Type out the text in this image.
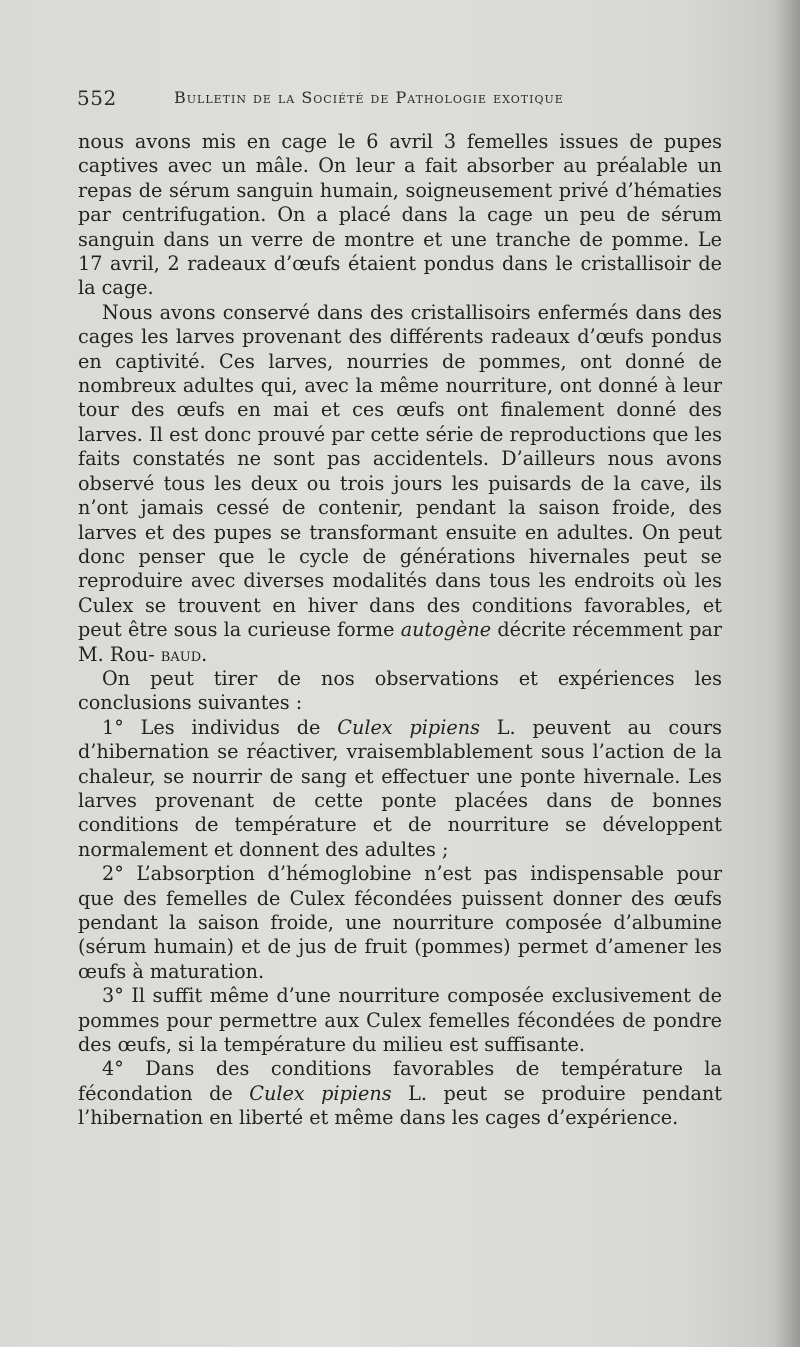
552	Bulletin de la Société de Pathologie exotique

nous avons mis en cage le 6 avril 3 femelles issues de pupes captives avec un mâle. On leur a fait absorber au préalable un repas de sérum sanguin humain, soigneusement privé d’hématies par centrifugation. On a placé dans la cage un peu de sérum sanguin dans un verre de montre et une tranche de pomme. Le 17 avril, 2 radeaux d’œufs étaient pondus dans le cristallisoir de la cage.

Nous avons conservé dans des cristallisoirs enfermés dans des cages les larves provenant des différents radeaux d’œufs pondus en captivité. Ces larves, nourries de pommes, ont donné de nombreux adultes qui, avec la même nourriture, ont donné à leur tour des œufs en mai et ces œufs ont finalement donné des larves. Il est donc prouvé par cette série de reproductions que les faits constatés ne sont pas accidentels. D’ailleurs nous avons observé tous les deux ou trois jours les puisards de la cave, ils n’ont jamais cessé de contenir, pendant la saison froide, des larves et des pupes se transformant ensuite en adultes. On peut donc penser que le cycle de générations hivernales peut se reproduire avec diverses modalités dans tous les endroits où les Culex se trouvent en hiver dans des conditions favorables, et peut être sous la curieuse forme autogène décrite récemment par M. Rou- baud.

On peut tirer de nos observations et expériences les conclusions suivantes :

1° Les individus de Culex pipiens L. peuvent au cours d’hibernation se réactiver, vraisemblablement sous l’action de la chaleur, se nourrir de sang et effectuer une ponte hivernale. Les larves provenant de cette ponte placées dans de bonnes conditions de température et de nourriture se développent normalement et donnent des adultes ;

2° L’absorption d’hémoglobine n’est pas indispensable pour que des femelles de Culex fécondées puissent donner des œufs pendant la saison froide, une nourriture composée d’albumine (sérum humain) et de jus de fruit (pommes) permet d’amener les œufs à maturation.

3° Il suffit même d’une nourriture composée exclusivement de pommes pour permettre aux Culex femelles fécondées de pondre des œufs, si la température du milieu est suffisante.

4° Dans des conditions favorables de température la fécondation de Culex pipiens L. peut se produire pendant l’hibernation en liberté et même dans les cages d’expérience.
